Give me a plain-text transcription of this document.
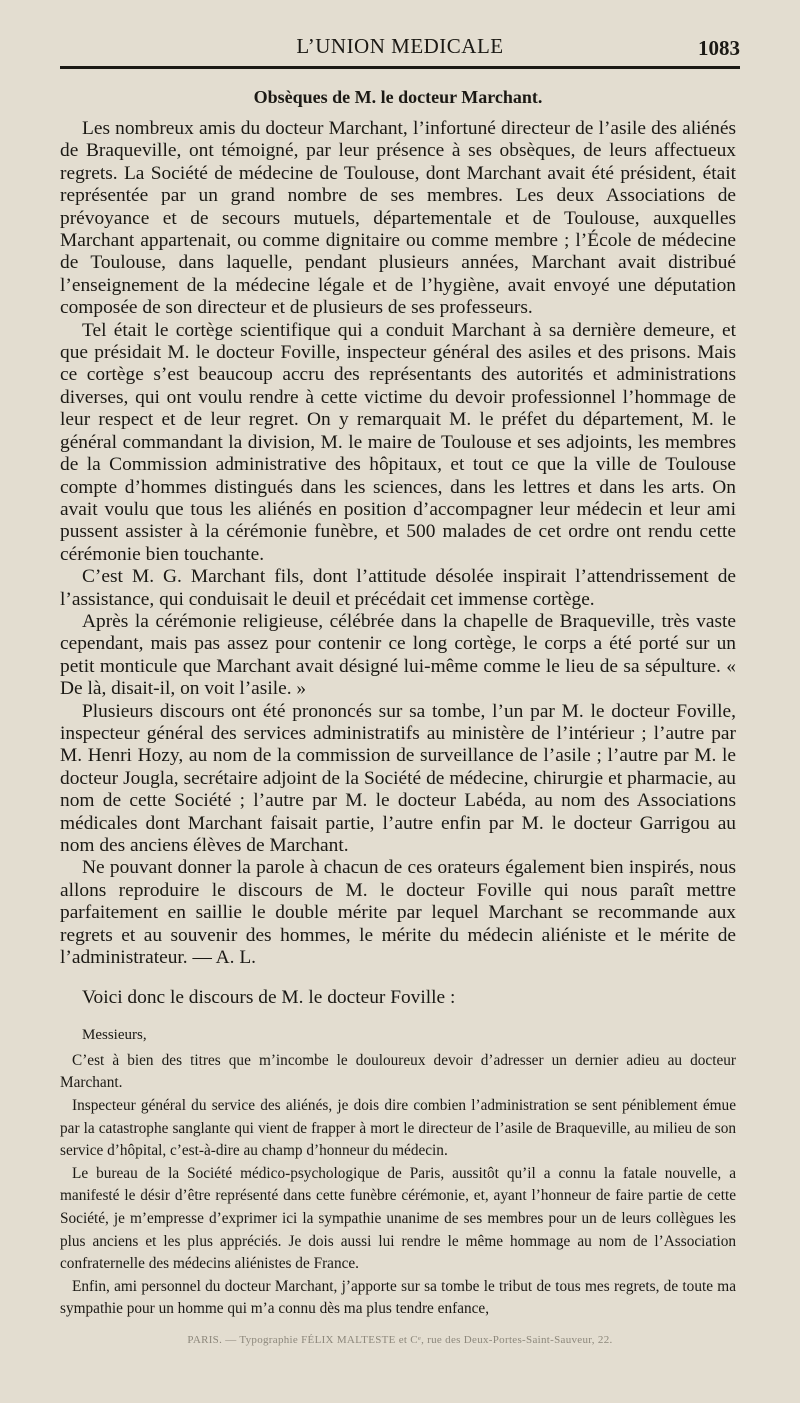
L’UNION MEDICALE	1083
Obsèques de M. le docteur Marchant.

Les nombreux amis du docteur Marchant, l’infortuné directeur de l’asile des aliénés de Braqueville, ont témoigné, par leur présence à ses obsèques, de leurs affectueux regrets. La Société de médecine de Toulouse, dont Marchant avait été président, était représentée par un grand nombre de ses membres. Les deux Associations de prévoyance et de secours mutuels, départementale et de Toulouse, auxquelles Marchant appartenait, ou comme dignitaire ou comme membre ; l’École de médecine de Toulouse, dans laquelle, pendant plusieurs années, Marchant avait distribué l’enseignement de la médecine légale et de l’hygiène, avait envoyé une députation composée de son directeur et de plusieurs de ses professeurs.

Tel était le cortège scientifique qui a conduit Marchant à sa dernière demeure, et que présidait M. le docteur Foville, inspecteur général des asiles et des prisons. Mais ce cortège s’est beaucoup accru des représentants des autorités et administrations diverses, qui ont voulu rendre à cette victime du devoir professionnel l’hommage de leur respect et de leur regret. On y remarquait M. le préfet du département, M. le général commandant la division, M. le maire de Toulouse et ses adjoints, les membres de la Commission administrative des hôpitaux, et tout ce que la ville de Toulouse compte d’hommes distingués dans les sciences, dans les lettres et dans les arts. On avait voulu que tous les aliénés en position d’accompagner leur médecin et leur ami pussent assister à la cérémonie funèbre, et 500 malades de cet ordre ont rendu cette cérémonie bien touchante.

C’est M. G. Marchant fils, dont l’attitude désolée inspirait l’attendrissement de l’assistance, qui conduisait le deuil et précédait cet immense cortège.

Après la cérémonie religieuse, célébrée dans la chapelle de Braqueville, très vaste cependant, mais pas assez pour contenir ce long cortège, le corps a été porté sur un petit monticule que Marchant avait désigné lui-même comme le lieu de sa sépulture. « De là, disait-il, on voit l’asile. »

Plusieurs discours ont été prononcés sur sa tombe, l’un par M. le docteur Foville, inspecteur général des services administratifs au ministère de l’intérieur ; l’autre par M. Henri Hozy, au nom de la commission de surveillance de l’asile ; l’autre par M. le docteur Jougla, secrétaire adjoint de la Société de médecine, chirurgie et pharmacie, au nom de cette Société ; l’autre par M. le docteur Labéda, au nom des Associations médicales dont Marchant faisait partie, l’autre enfin par M. le docteur Garrigou au nom des anciens élèves de Marchant.

Ne pouvant donner la parole à chacun de ces orateurs également bien inspirés, nous allons reproduire le discours de M. le docteur Foville qui nous paraît mettre parfaitement en saillie le double mérite par lequel Marchant se recommande aux regrets et au souvenir des hommes, le mérite du médecin aliéniste et le mérite de l’administrateur. — A. L.

Voici donc le discours de M. le docteur Foville :

Messieurs,

C’est à bien des titres que m’incombe le douloureux devoir d’adresser un dernier adieu au docteur Marchant.

Inspecteur général du service des aliénés, je dois dire combien l’administration se sent péniblement émue par la catastrophe sanglante qui vient de frapper à mort le directeur de l’asile de Braqueville, au milieu de son service d’hôpital, c’est-à-dire au champ d’honneur du médecin.

Le bureau de la Société médico-psychologique de Paris, aussitôt qu’il a connu la fatale nouvelle, a manifesté le désir d’être représenté dans cette funèbre cérémonie, et, ayant l’honneur de faire partie de cette Société, je m’empresse d’exprimer ici la sympathie unanime de ses membres pour un de leurs collègues les plus anciens et les plus appréciés. Je dois aussi lui rendre le même hommage au nom de l’Association confraternelle des médecins aliénistes de France.

Enfin, ami personnel du docteur Marchant, j’apporte sur sa tombe le tribut de tous mes regrets, de toute ma sympathie pour un homme qui m’a connu dès ma plus tendre enfance,

PARIS. — Typographie FÉLIX MALTESTE et Cᵉ, rue des Deux-Portes-Saint-Sauveur, 22.
